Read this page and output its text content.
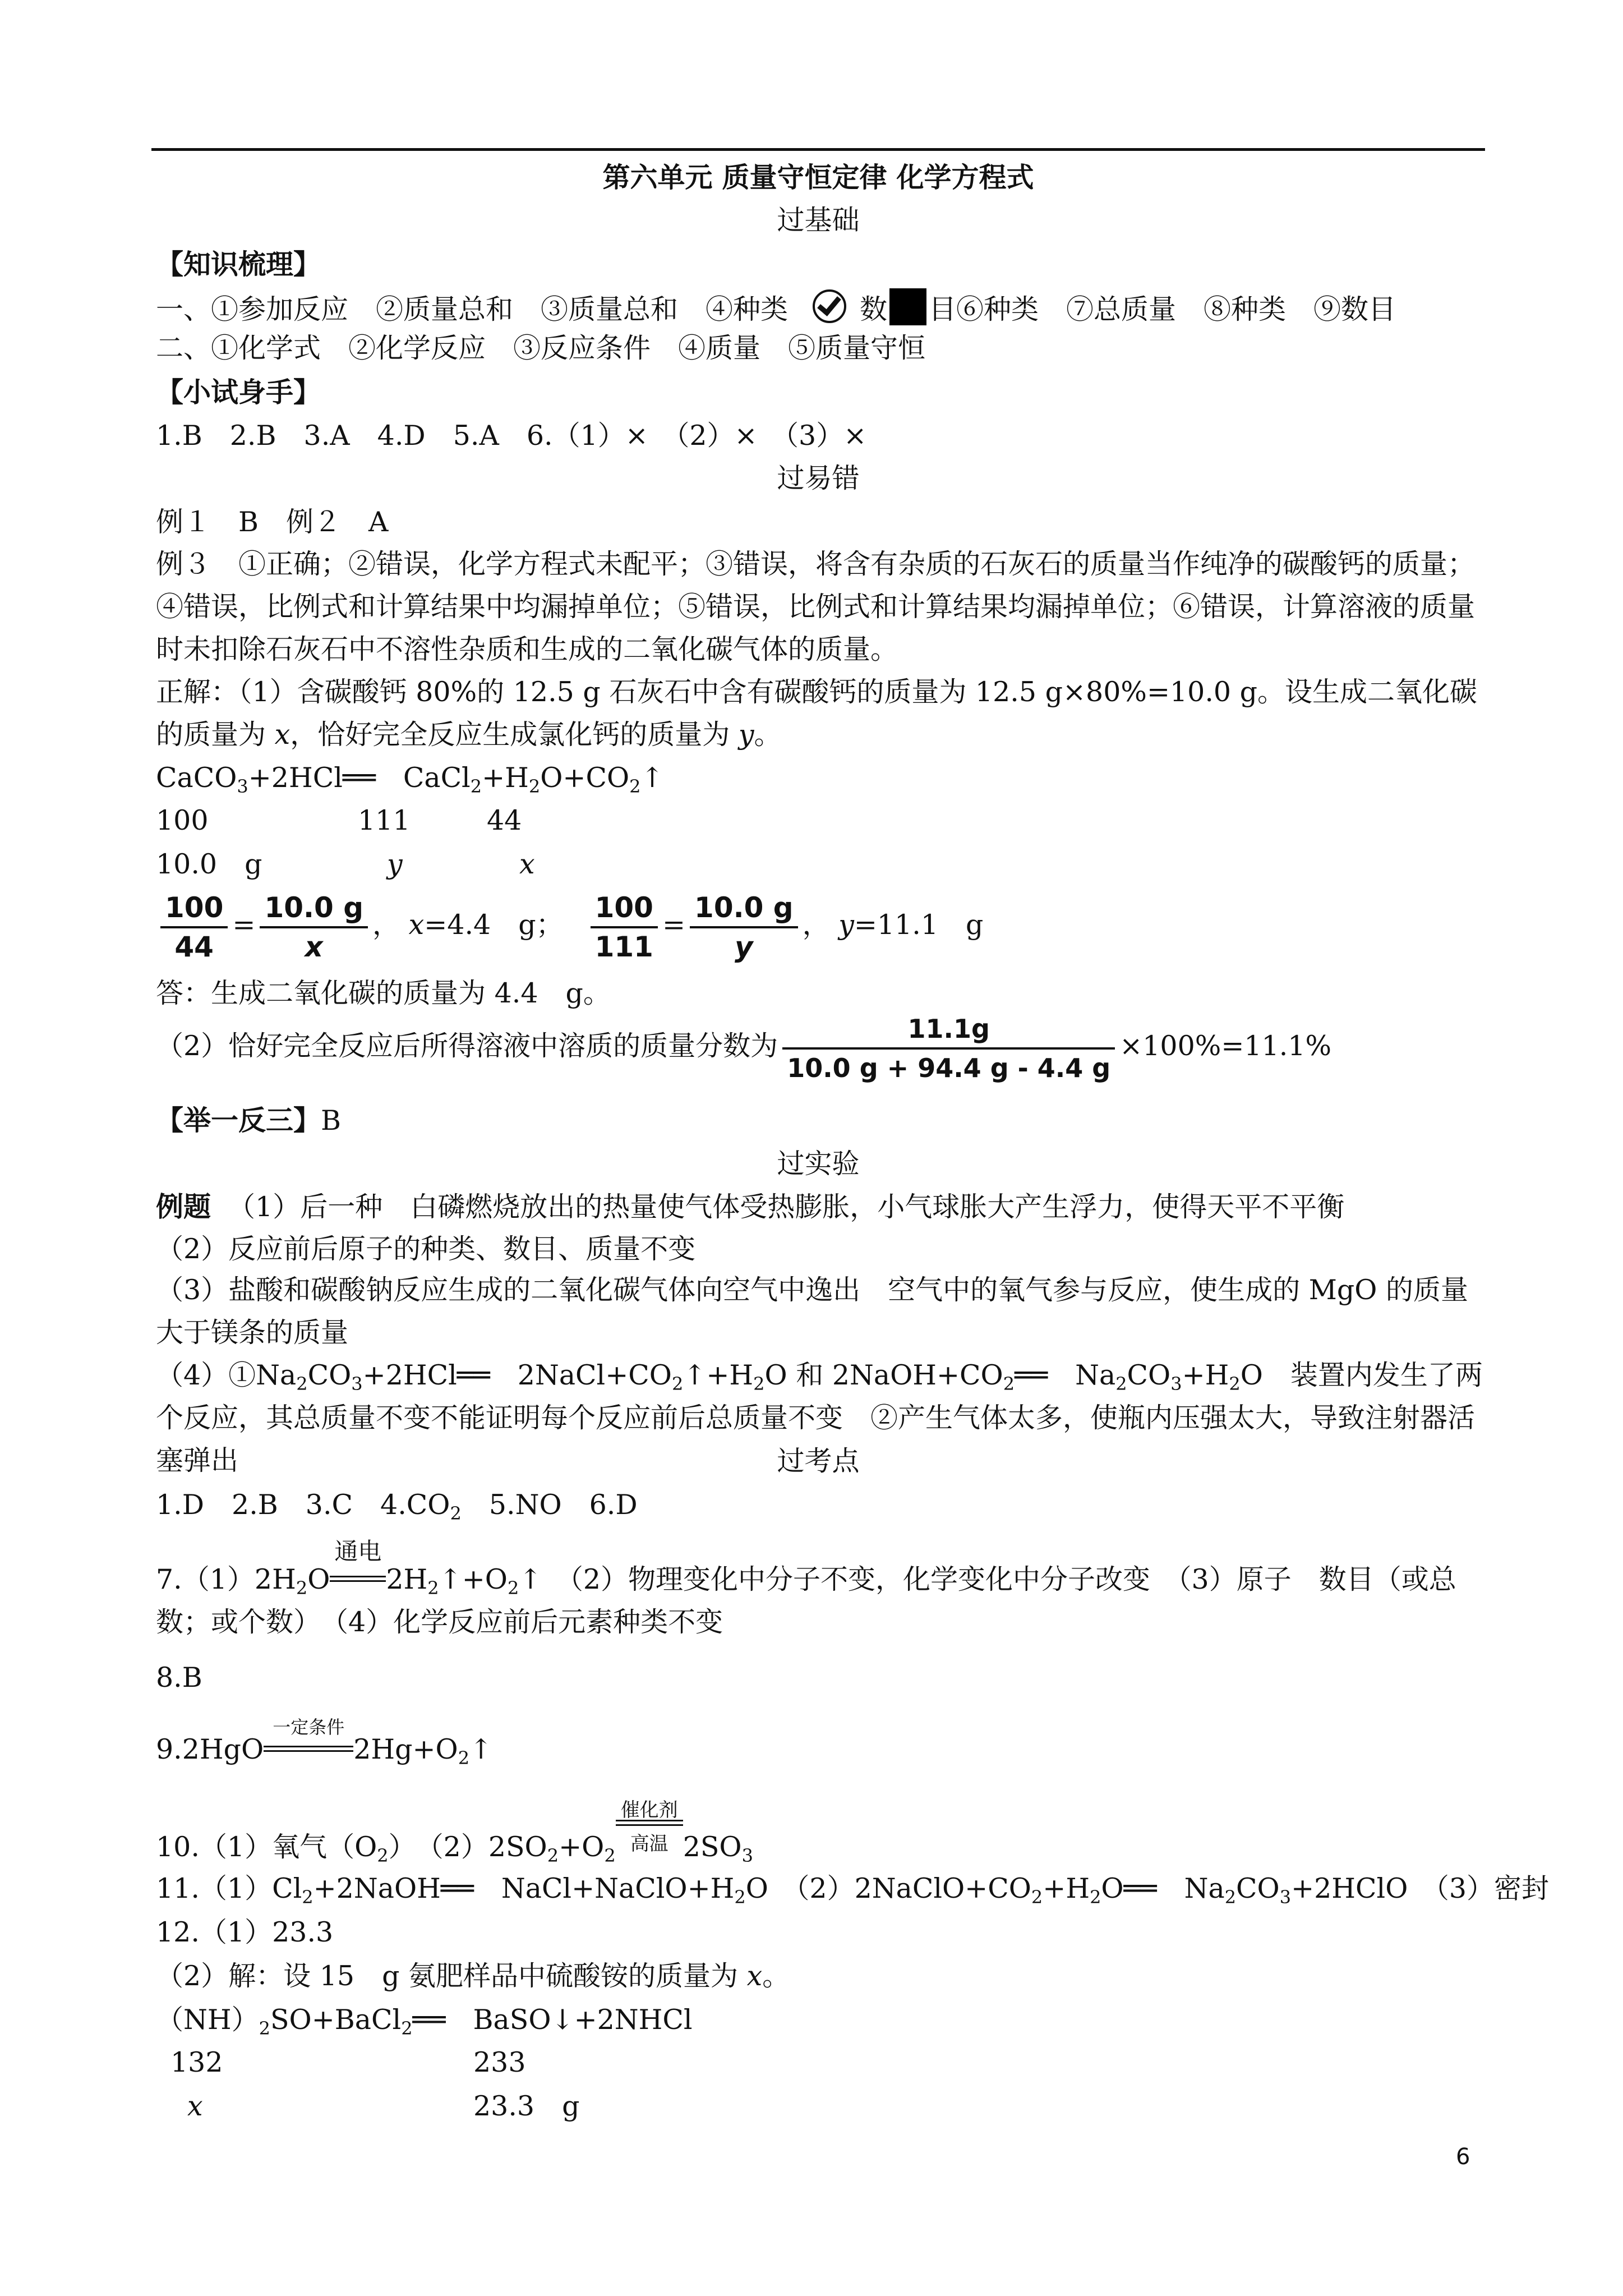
第六单元 质量守恒定律 化学方程式
过基础
【知识梳理】
一、①参加反应　②质量总和　③质量总和　④种类	数 目⑥种类　⑦总质量　⑧种类　⑨数目
二、①化学式　②化学反应　③反应条件　④质量　⑤质量守恒
【小试身手】
1.B　2.B　3.A　4.D　5.A　6.（1）×　（2）×　（3）×
过易错
例１　B　例２　A
例３　①正确；②错误，化学方程式未配平；③错误，将含有杂质的石灰石的质量当作纯净的碳酸钙的质量；④错误，比例式和计算结果中均漏掉单位；⑤错误，比例式和计算结果均漏掉单位；⑥错误，计算溶液的质量时未扣除石灰石中不溶性杂质和生成的二氧化碳气体的质量。
正解：（1）含碳酸钙 80%的 12.5 g 石灰石中含有碳酸钙的质量为 12.5 g×80%=10.0 g。设生成二氧化碳的质量为 x，恰好完全反应生成氯化钙的质量为 y。
CaCO$_3$+2HCl══　$CaCl_2+H_2O+CO_2↑$
100	111	44
10.0　g	y	x
$\frac{100}{44} = \frac{10.0 g}{x}$ ， x=4.4　g； $\frac{100}{111} = \frac{10.0 g}{y}$ ， y=11.1　g
答：生成二氧化碳的质量为 4.4　g。
（2）恰好完全反应后所得溶液中溶质的质量分数为 $\frac{11.1g}{10.0 g + 94.4 g - 4.4 g} \times 100\%=11.1\%$
【举一反三】B
过实验
例题 （1）后一种　白磷燃烧放出的热量使气体受热膨胀，小气球胀大产生浮力，使得天平不平衡
（2）反应前后原子的种类、数目、质量不变
（3）盐酸和碳酸钠反应生成的二氧化碳气体向空气中逸出　空气中的氧气参与反应，使生成的 MgO 的质量大于镁条的质量
$(4)①Na_2CO_3+2HCl══$　$2NaCl+CO_2↑+H_2O$ 和 $2NaOH+CO_2══$　$Na_2CO_3+H_2O$　装置内发生了两个反应，其总质量不变不能证明每个反应前后总质量不变　②产生气体太多，使瓶内压强太大，导致注射器活塞弹出	过考点
1.D　2.B　3.C　$4.CO_2$　5.NO　6.D
$7.(1)2H_2O$
通电
$2H_2↑+O_2↑$　（2）物理变化中分子不变，化学变化中分子改变　（3）原子　数目（或总数；或个数）　（4）化学反应前后元素种类不变
8.B
9.2HgO
一定条件
$2Hg+O_2↑$
10.（1）氧气$(O_2)$　$(2)2SO_2+O_2$
催化剂
高温 $2SO_3$
$11.(1)Cl_2+2NaOH══$　$NaCl+NaClO+H_2O$　$(2)2NaClO+CO_2+H_2O══$　$Na_2CO_3+2HClO$　（3）密封
12.（1）23.3
（2）解：设 15　g 氨肥样品中硫酸铵的质量为 x。
$(NH)_2SO+BaCl_2══$　BaSO↓+2NHCl
132	233
x	23.3　g
6
